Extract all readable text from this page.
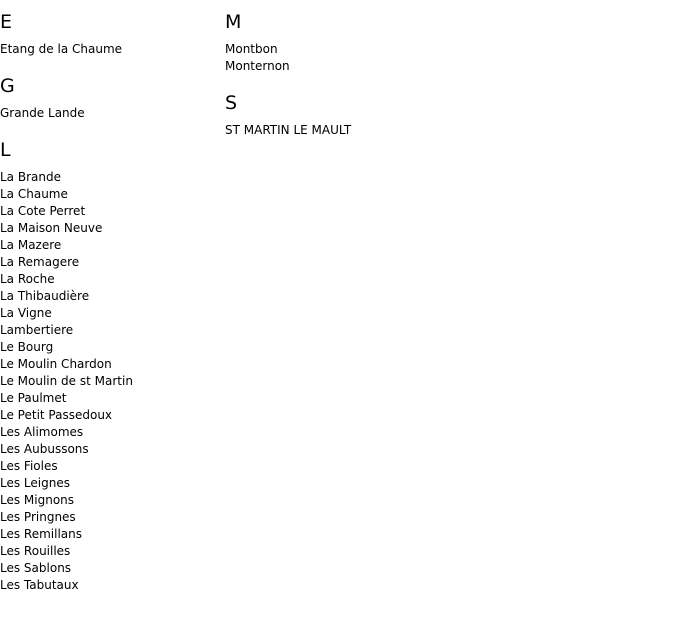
E
Etang de la Chaume
G
Grande Lande
L
La Brande
La Chaume
La Cote Perret
La Maison Neuve
La Mazere
La Remagere
La Roche
La Thibaudière
La Vigne
Lambertiere
Le Bourg
Le Moulin Chardon
Le Moulin de st Martin
Le Paulmet
Le Petit Passedoux
Les Alimomes
Les Aubussons
Les Fioles
Les Leignes
Les Mignons
Les Pringnes
Les Remillans
Les Rouilles
Les Sablons
Les Tabutaux
M
Montbon
Monternon
S
ST MARTIN LE MAULT
